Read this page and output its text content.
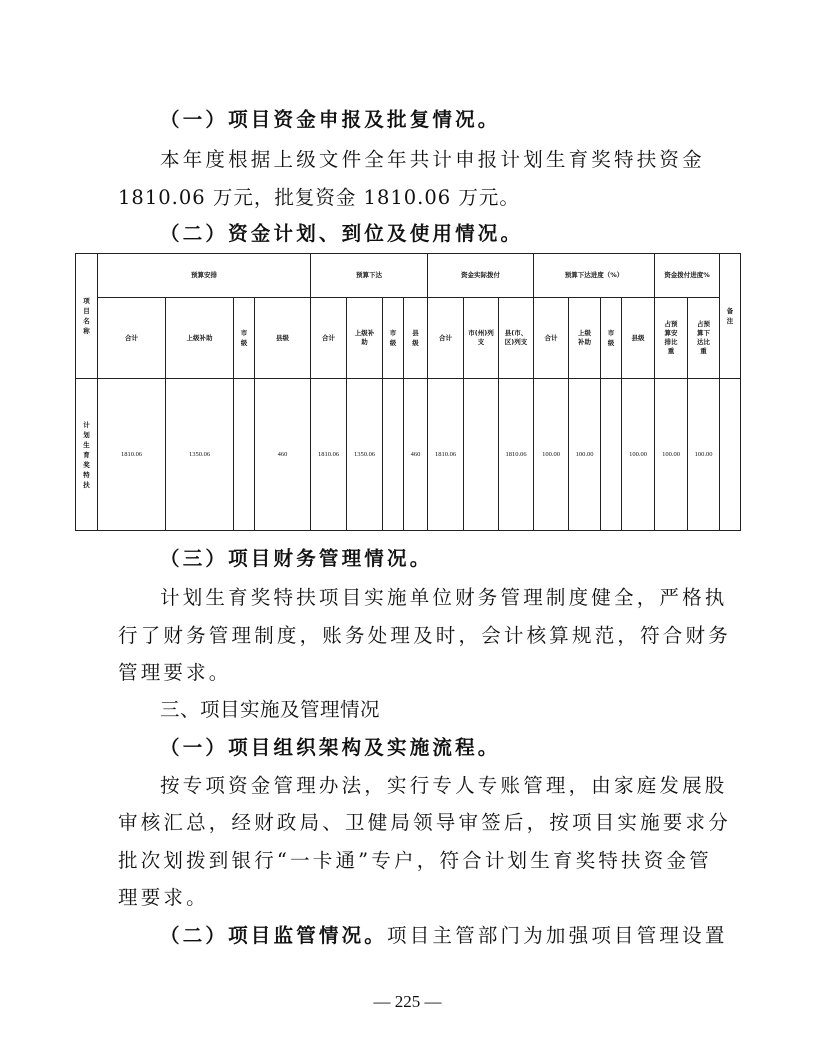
（一）项目资金申报及批复情况。
本年度根据上级文件全年共计申报计划生育奖特扶资金
1810.06 万元，批复资金 1810.06 万元。
（二）资金计划、到位及使用情况。
项目名称	预算安排				预算下达				资金实际拨付			预算下达进度（%）				资金拨付进度%		备注
	合计	上级补助	市级	县级	合计	上级补助	市级	县级	合计	市(州)列支	县(市、区)列支	合计	上级补助	市级	县级	占预算安排比重	占预算下达比重	
计划生育奖特扶	1810.06	1350.06		460	1810.06	1350.06		460	1810.06		1810.06	100.00	100.00		100.00	100.00	100.00	
（三）项目财务管理情况。
计划生育奖特扶项目实施单位财务管理制度健全，严格执
行了财务管理制度，账务处理及时，会计核算规范，符合财务
管理要求。
三、项目实施及管理情况
（一）项目组织架构及实施流程。
按专项资金管理办法，实行专人专账管理，由家庭发展股
审核汇总，经财政局、卫健局领导审签后，按项目实施要求分
批次划拨到银行“一卡通”专户，符合计划生育奖特扶资金管
理要求。
（二）项目监管情况。项目主管部门为加强项目管理设置
— 225 —
